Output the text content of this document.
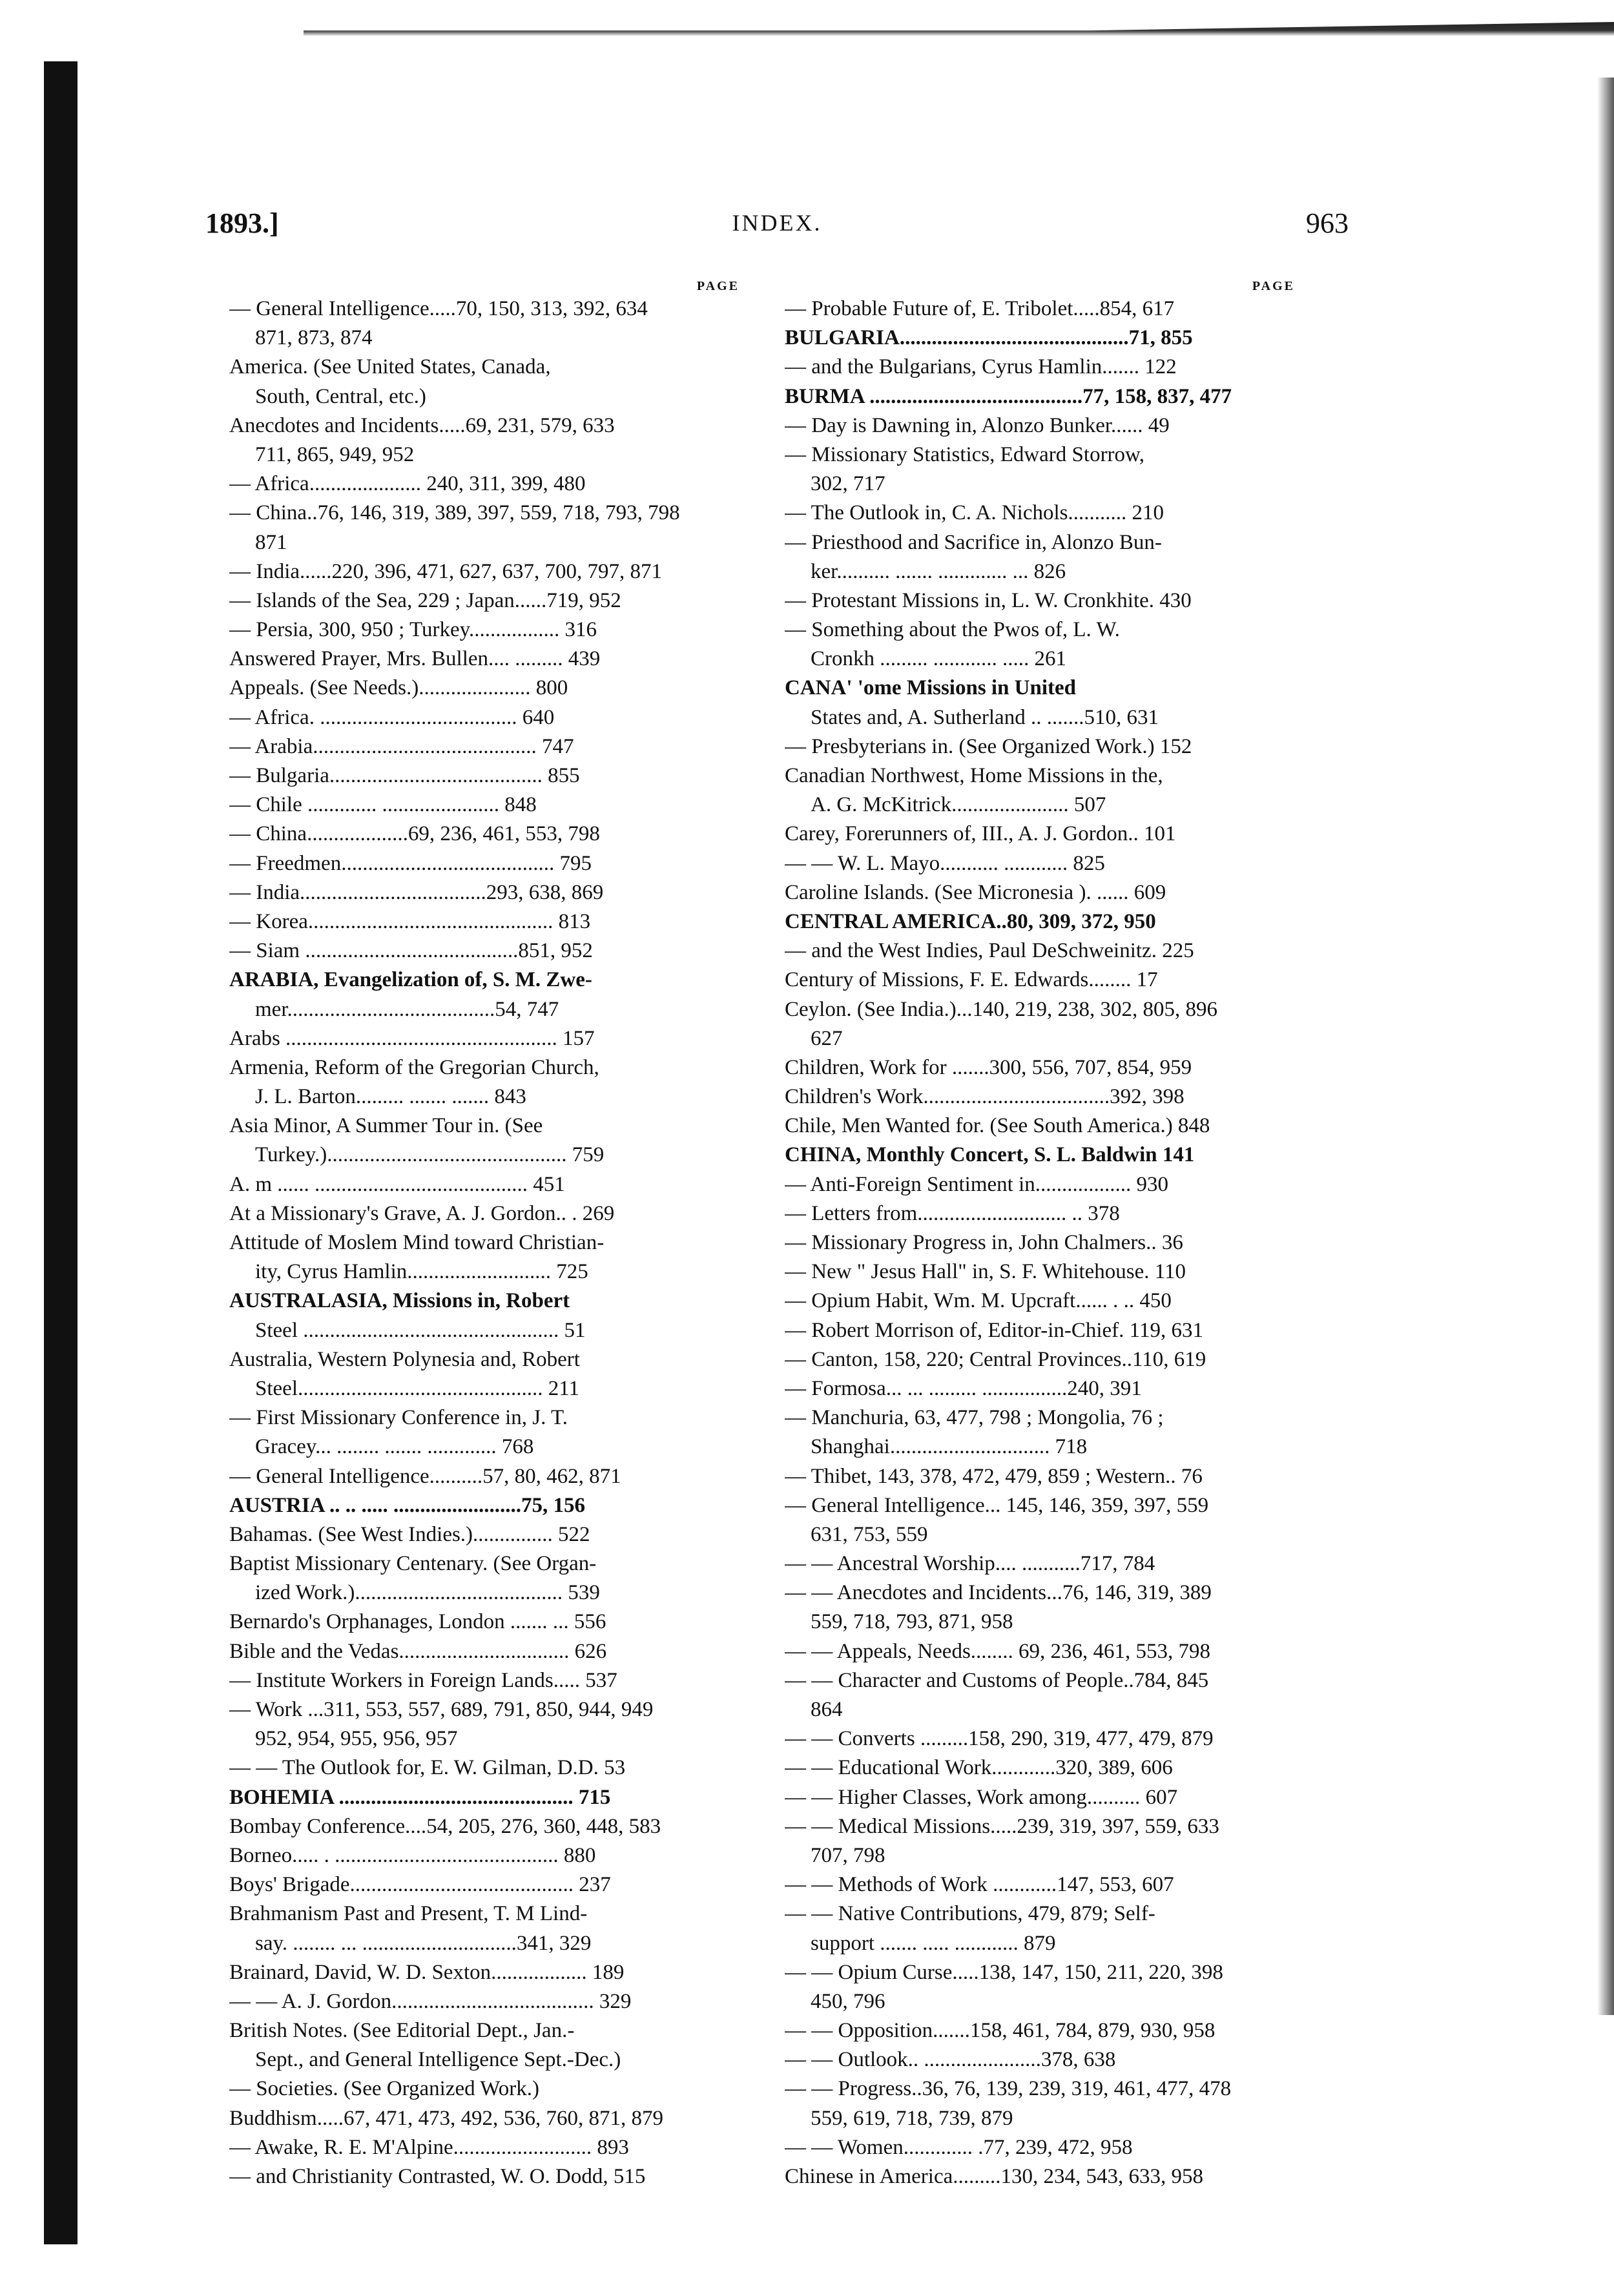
1893.]	INDEX.	963
PAGE
— General Intelligence.....70, 150, 313, 392, 634
871, 873, 874
America. (See United States, Canada,
South, Central, etc.)
Anecdotes and Incidents.....69, 231, 579, 633
711, 865, 949, 952
— Africa..................... 240, 311, 399, 480
— China..76, 146, 319, 389, 397, 559, 718, 793, 798
871
— India......220, 396, 471, 627, 637, 700, 797, 871
— Islands of the Sea, 229 ; Japan......719, 952
— Persia, 300, 950 ; Turkey................. 316
Answered Prayer, Mrs. Bullen.... ......... 439
Appeals. (See Needs.)..................... 800
— Africa. ..................................... 640
— Arabia.......................................... 747
— Bulgaria........................................ 855
— Chile ............. ...................... 848
— China...................69, 236, 461, 553, 798
— Freedmen........................................ 795
— India...................................293, 638, 869
— Korea.............................................. 813
— Siam ........................................851, 952
ARABIA, Evangelization of, S. M. Zwe-
mer.......................................54, 747
Arabs ................................................... 157
Armenia, Reform of the Gregorian Church,
J. L. Barton......... ....... ....... 843
Asia Minor, A Summer Tour in. (See
Turkey.)............................................. 759
A. m ...... ........................................ 451
At a Missionary's Grave, A. J. Gordon.. . 269
Attitude of Moslem Mind toward Christian-
ity, Cyrus Hamlin........................... 725
AUSTRALASIA, Missions in, Robert
Steel ................................................ 51
Australia, Western Polynesia and, Robert
Steel.............................................. 211
— First Missionary Conference in, J. T.
Gracey... ........ ....... ............. 768
— General Intelligence..........57, 80, 462, 871
AUSTRIA .. .. ..... ........................75, 156
Bahamas. (See West Indies.)............... 522
Baptist Missionary Centenary. (See Organ-
ized Work.)....................................... 539
Bernardo's Orphanages, London ....... ... 556
Bible and the Vedas................................ 626
— Institute Workers in Foreign Lands..... 537
— Work ...311, 553, 557, 689, 791, 850, 944, 949
952, 954, 955, 956, 957
— — The Outlook for, E. W. Gilman, D.D. 53
BOHEMIA ............................................ 715
Bombay Conference....54, 205, 276, 360, 448, 583
Borneo..... . .......................................... 880
Boys' Brigade.......................................... 237
Brahmanism Past and Present, T. M Lind-
say. ........ ... .............................341, 329
Brainard, David, W. D. Sexton.................. 189
— — A. J. Gordon...................................... 329
British Notes. (See Editorial Dept., Jan.-
Sept., and General Intelligence Sept.-Dec.)
— Societies. (See Organized Work.)
Buddhism.....67, 471, 473, 492, 536, 760, 871, 879
— Awake, R. E. M'Alpine.......................... 893
— and Christianity Contrasted, W. O. Dodd, 515
PAGE
— Probable Future of, E. Tribolet.....854, 617
BULGARIA...........................................71, 855
— and the Bulgarians, Cyrus Hamlin....... 122
BURMA ........................................77, 158, 837, 477
— Day is Dawning in, Alonzo Bunker...... 49
— Missionary Statistics, Edward Storrow,
302, 717
— The Outlook in, C. A. Nichols........... 210
— Priesthood and Sacrifice in, Alonzo Bun-
ker.......... ....... ............. ... 826
— Protestant Missions in, L. W. Cronkhite. 430
— Something about the Pwos of, L. W.
Cronkh ......... ............ ..... 261
CANA' 'ome Missions in United
States and, A. Sutherland .. .......510, 631
— Presbyterians in. (See Organized Work.) 152
Canadian Northwest, Home Missions in the,
A. G. McKitrick...................... 507
Carey, Forerunners of, III., A. J. Gordon.. 101
— — W. L. Mayo........... ............ 825
Caroline Islands. (See Micronesia ). ...... 609
CENTRAL AMERICA..80, 309, 372, 950
— and the West Indies, Paul DeSchweinitz. 225
Century of Missions, F. E. Edwards........ 17
Ceylon. (See India.)...140, 219, 238, 302, 805, 896
627
Children, Work for .......300, 556, 707, 854, 959
Children's Work...................................392, 398
Chile, Men Wanted for. (See South America.) 848
CHINA, Monthly Concert, S. L. Baldwin 141
— Anti-Foreign Sentiment in.................. 930
— Letters from............................ .. 378
— Missionary Progress in, John Chalmers.. 36
— New " Jesus Hall" in, S. F. Whitehouse. 110
— Opium Habit, Wm. M. Upcraft...... . .. 450
— Robert Morrison of, Editor-in-Chief. 119, 631
— Canton, 158, 220; Central Provinces..110, 619
— Formosa... ... ......... ................240, 391
— Manchuria, 63, 477, 798 ; Mongolia, 76 ;
Shanghai.............................. 718
— Thibet, 143, 378, 472, 479, 859 ; Western.. 76
— General Intelligence... 145, 146, 359, 397, 559
631, 753, 559
— — Ancestral Worship.... ...........717, 784
— — Anecdotes and Incidents...76, 146, 319, 389
559, 718, 793, 871, 958
— — Appeals, Needs........ 69, 236, 461, 553, 798
— — Character and Customs of People..784, 845
864
— — Converts .........158, 290, 319, 477, 479, 879
— — Educational Work............320, 389, 606
— — Higher Classes, Work among.......... 607
— — Medical Missions.....239, 319, 397, 559, 633
707, 798
— — Methods of Work ............147, 553, 607
— — Native Contributions, 479, 879; Self-
support ....... ..... ............ 879
— — Opium Curse.....138, 147, 150, 211, 220, 398
450, 796
— — Opposition.......158, 461, 784, 879, 930, 958
— — Outlook.. ......................378, 638
— — Progress..36, 76, 139, 239, 319, 461, 477, 478
559, 619, 718, 739, 879
— — Women............. .77, 239, 472, 958
Chinese in America.........130, 234, 543, 633, 958
